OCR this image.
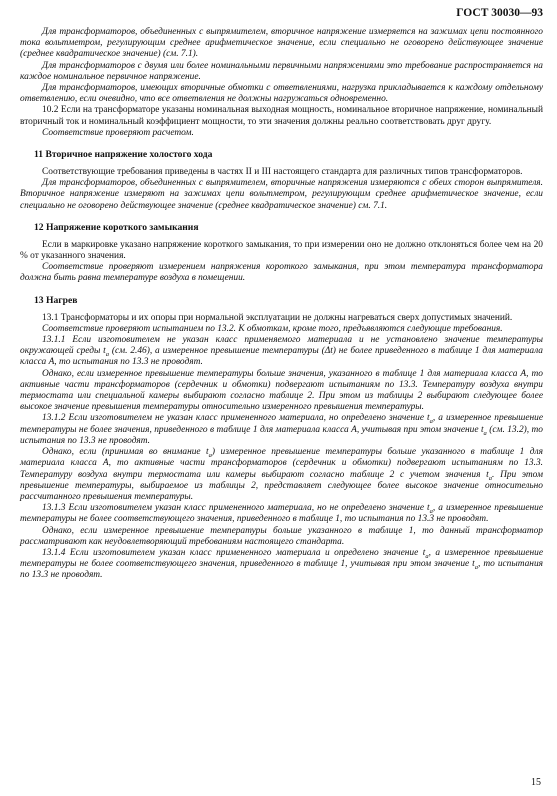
ГОСТ 30030—93

Для трансформаторов, объединенных с выпрямителем, вторичное напряжение измеряется на зажимах цепи постоянного тока вольтметром, регулирующим среднее арифметическое значение, если специально не оговорено действующее значение (среднее квадратическое значение) (см. 7.1).

Для трансформаторов с двумя или более номинальными первичными напряжениями это требование распространяется на каждое номинальное первичное напряжение.

Для трансформаторов, имеющих вторичные обмотки с ответвлениями, нагрузка прикладывается к каждому отдельному ответвлению, если очевидно, что все ответвления не должны нагружаться одновременно.

10.2 Если на трансформаторе указаны номинальная выходная мощность, номинальное вторичное напряжение, номинальный вторичный ток и номинальный коэффициент мощности, то эти значения должны реально соответствовать друг другу.

Соответствие проверяют расчетом.

11 Вторичное напряжение холостого хода

Соответствующие требования приведены в частях II и III настоящего стандарта для различных типов трансформаторов.

Для трансформаторов, объединенных с выпрямителем, вторичные напряжения измеряются с обеих сторон выпрямителя. Вторичное напряжение измеряют на зажимах цепи вольтметром, регулирующим среднее арифметическое значение, если специально не оговорено действующее значение (среднее квадратическое значение) см. 7.1.

12 Напряжение короткого замыкания

Если в маркировке указано напряжение короткого замыкания, то при измерении оно не должно отклоняться более чем на 20 % от указанного значения.

Соответствие проверяют измерением напряжения короткого замыкания, при этом температура трансформатора должна быть равна температуре воздуха в помещении.

13 Нагрев

13.1 Трансформаторы и их опоры при нормальной эксплуатации не должны нагреваться сверх допустимых значений.

Соответствие проверяют испытанием по 13.2. К обмоткам, кроме того, предъявляются следующие требования.

13.1.1 Если изготовителем не указан класс применяемого материала и не установлено значение температуры окружающей среды $t_а$ (см. 2.46), а измеренное превышение температуры (Δt) не более приведенного в таблице 1 для материала класса А, то испытания по 13.3 не проводят.

Однако, если измеренное превышение температуры больше значения, указанного в таблице 1 для материала класса А, то активные части трансформаторов (сердечник и обмотки) подвергают испытаниям по 13.3. Температуру воздуха внутри термостата или специальной камеры выбирают согласно таблице 2. При этом из таблицы 2 выбирают следующее более высокое значение превышения температуры относительно измеренного превышения температуры.

13.1.2 Если изготовителем не указан класс примененного материала, но определено значение $t_а$, а измеренное превышение температуры не более значения, приведенного в таблице 1 для материала класса А, учитывая при этом значение $t_а$ (см. 13.2), то испытания по 13.3 не проводят.

Однако, если (принимая во внимание $t_а$) измеренное превышение температуры больше указанного в таблице 1 для материала класса А, то активные части трансформаторов (сердечник и обмотки) подвергают испытаниям по 13.3. Температуру воздуха внутри термостата или камеры выбирают согласно таблице 2 с учетом значения $t_а$. При этом превышение температуры, выбираемое из таблицы 2, представляет следующее более высокое значение относительно рассчитанного превышения температуры.

13.1.3 Если изготовителем указан класс примененного материала, но не определено значение $t_а$, а измеренное превышение температуры не более соответствующего значения, приведенного в таблице 1, то испытания по 13.3 не проводят.

Однако, если измеренное превышение температуры больше указанного в таблице 1, то данный трансформатор рассматривают как неудовлетворяющий требованиям настоящего стандарта.

13.1.4 Если изготовителем указан класс примененного материала и определено значение $t_а$, а измеренное превышение температуры не более соответствующего значения, приведенного в таблице 1, учитывая при этом значение $t_а$, то испытания по 13.3 не проводят.

15
